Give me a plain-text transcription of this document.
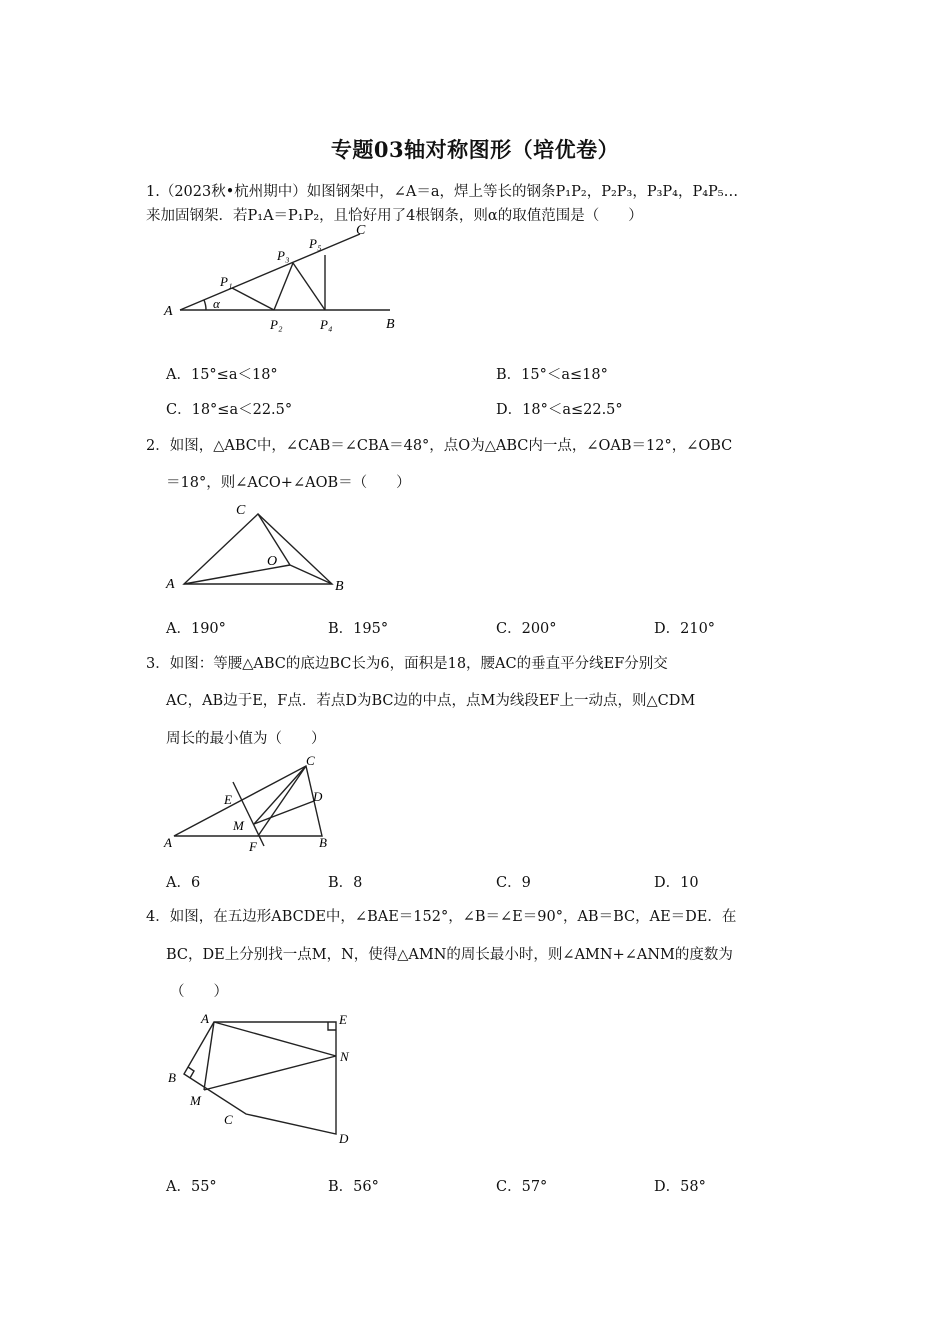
专题03轴对称图形（培优卷）
1.（2023秋•杭州期中）如图钢架中，∠A＝a，焊上等长的钢条P₁P₂，P₂P₃，P₃P₄，P₄P₅…
来加固钢架．若P₁A＝P₁P₂，且恰好用了4根钢条，则α的取值范围是（　　）
A
B
C
α
P₁
P₂
P₃
P₄
P₅
A．15°≤a＜18°	B．15°＜a≤18°
C．18°≤a＜22.5°	D．18°＜a≤22.5°
2．如图，△ABC中，∠CAB＝∠CBA＝48°，点O为△ABC内一点，∠OAB＝12°，∠OBC
＝18°，则∠ACO+∠AOB＝（　　）
A	B
C
O
A．190°	B．195°	C．200°	D．210°
3．如图：等腰△ABC的底边BC长为6，面积是18，腰AC的垂直平分线EF分别交
AC，AB边于E，F点．若点D为BC边的中点，点M为线段EF上一动点，则△CDM
周长的最小值为（　　）
A	B
C
D
E
F
M
A．6	B．8	C．9	D．10
4．如图，在五边形ABCDE中，∠BAE＝152°，∠B＝∠E＝90°，AB＝BC，AE＝DE．在
BC，DE上分别找一点M，N，使得△AMN的周长最小时，则∠AMN+∠ANM的度数为
（　　）
A
B
C
D
E
M
N
A．55°	B．56°	C．57°	D．58°
